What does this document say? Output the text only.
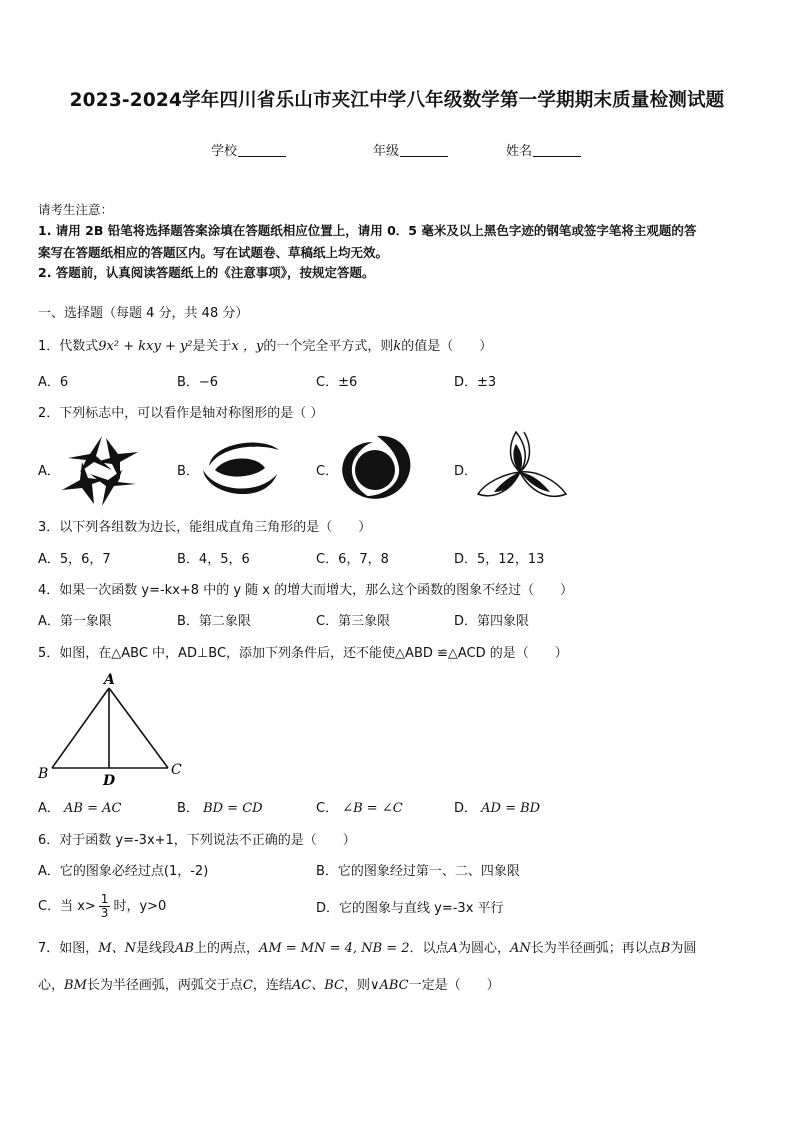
2023-2024学年四川省乐山市夹江中学八年级数学第一学期期末质量检测试题
学校	年级	姓名
请考生注意：
1. 请用 2B 铅笔将选择题答案涂填在答题纸相应位置上，请用 0．5 毫米及以上黑色字迹的钢笔或签字笔将主观题的答
案写在答题纸相应的答题区内。写在试题卷、草稿纸上均无效。
2. 答题前，认真阅读答题纸上的《注意事项》，按规定答题。
一、选择题（每题 4 分，共 48 分）
1．代数式9x² + kxy + y²是关于x ，y的一个完全平方式，则k的值是（　　）
A．6	B．−6	C．±6	D．±3
2．下列标志中，可以看作是轴对称图形的是（ ）
A．	B．	C．	D．
3．以下列各组数为边长，能组成直角三角形的是（　　）
A．5，6，7	B．4，5，6	C．6，7，8	D．5，12，13
4．如果一次函数 y=-kx+8 中的 y 随 x 的增大而增大，那么这个函数的图象不经过（　　）
A．第一象限	B．第二象限	C．第三象限	D．第四象限
5．如图，在△ABC 中，AD⊥BC，添加下列条件后，还不能使△ABD ≌△ACD 的是（　　）
A
B	C
D
A． AB = AC	B． BD = CD	C． ∠B = ∠C	D． AD = BD
6．对于函数 y=-3x+1，下列说法不正确的是（　　）
A．它的图象必经过点(1，-2)	B．它的图象经过第一、二、四象限
C．当 $x> \frac{1}{3}$ 时，y>0	D．它的图象与直线 y=-3x 平行
7．如图，M、N是线段AB上的两点，AM = MN = 4, NB = 2．以点A为圆心，AN长为半径画弧；再以点B为圆
心，BM长为半径画弧，两弧交于点C，连结AC、BC，则∨ABC一定是（　　）
